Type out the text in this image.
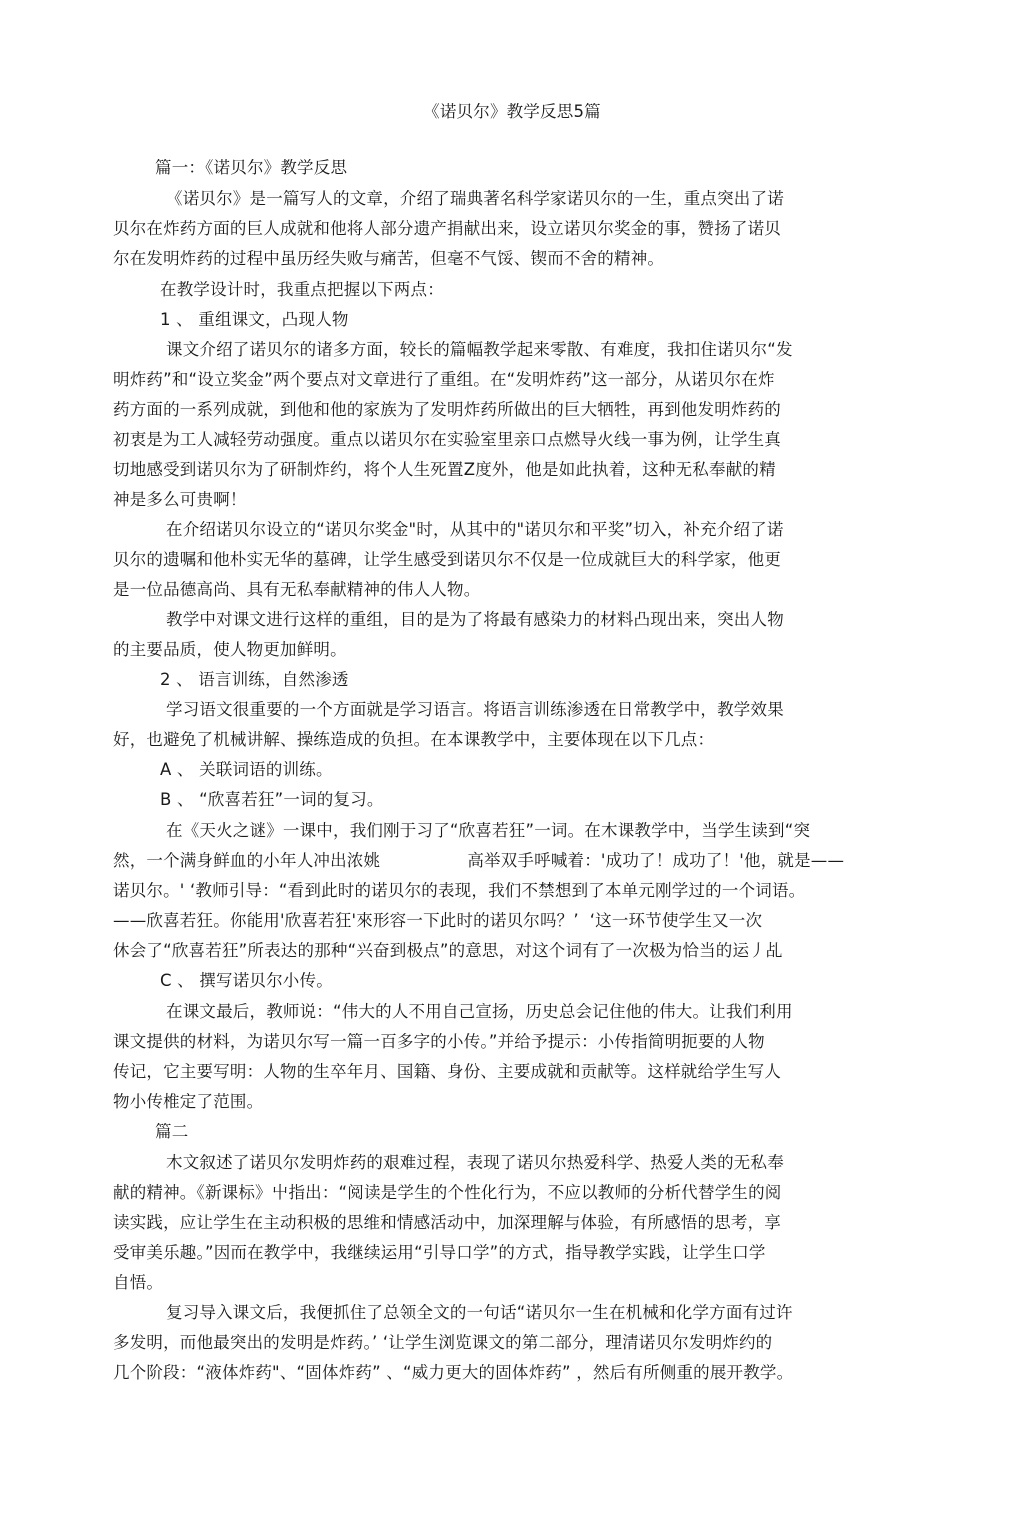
《诺贝尔》教学反思5篇
篇一：《诺贝尔》教学反思
《诺贝尔》是一篇写人的文章，介绍了瑞典著名科学家诺贝尔的一生，重点突出了诺
贝尔在炸药方面的巨人成就和他将人部分遗产捐献出来，设立诺贝尔奖金的事，赞扬了诺贝
尔在发明炸药的过程中虽历经失败与痛苦，但毫不气馁、锲而不舍的精神。
在教学设计时，我重点把握以下两点：
1 、 重组课文，凸现人物
课文介绍了诺贝尔的诸多方面，较长的篇幅教学起来零散、有难度，我扣住诺贝尔“发
明炸药”和“设立奖金”两个要点对文章进行了重组。在“发明炸药”这一部分，从诺贝尔在炸
药方面的一系列成就，到他和他的家族为了发明炸药所做出的巨大牺牲，再到他发明炸药的
初衷是为工人减轻劳动强度。重点以诺贝尔在实验室里亲口点燃导火线一事为例，让学生真
切地感受到诺贝尔为了研制炸约，将个人生死置Z度外，他是如此执着，这种无私奉献的精
神是多么可贵啊！
在介绍诺贝尔设立的“诺贝尔奖金"时，从其中的"诺贝尔和平奖”切入，补充介绍了诺
贝尔的遗嘱和他朴实无华的墓碑，让学生感受到诺贝尔不仅是一位成就巨大的科学家，他更
是一位品德高尚、具有无私奉献精神的伟人人物。
教学中对课文进行这样的重组，目的是为了将最有感染力的材料凸现出来，突出人物
的主要品质，使人物更加鲜明。
2 、 语言训练，自然渗透
学习语文很重要的一个方面就是学习语言。将语言训练渗透在日常教学中，教学效果
好，也避免了机械讲解、操练造成的负担。在本课教学中，主要体现在以下几点：
A 、 关联词语的训练。
B 、 “欣喜若狂”一词的复习。
在《天火之谜》一课中，我们刚于习了“欣喜若狂”一词。在木课教学中，当学生读到“突
然，一个满身鲜血的小年人冲出浓姚                高举双手呼喊着：'成功了！成功了！'他，就是——
诺贝尔。' ‘教师引导：“看到此时的诺贝尔的表现，我们不禁想到了本单元刚学过的一个词语。
——欣喜若狂。你能用'欣喜若狂'來形容一下此时的诺贝尔吗？’  ‘这一环节使学生又一次
休会了“欣喜若狂”所表达的那种“兴奋到极点”的意思，对这个词有了一次极为恰当的运丿乩
C 、 撰写诺贝尔小传。
在课文最后，教师说：“伟大的人不用自己宣扬，历史总会记住他的伟大。让我们利用
课文提供的材料，为诺贝尔写一篇一百多字的小传。”并给予提示：小传指简明扼要的人物
传记，它主要写明：人物的生卒年月、国籍、身份、主要成就和贡献等。这样就给学生写人
物小传椎定了范围。
篇二
木文叙述了诺贝尔发明炸药的艰难过程，表现了诺贝尔热爱科学、热爱人类的无私奉
献的精神。《新课标》屮指出：“阅读是学生的个性化行为，不应以教师的分析代替学生的阅
读实践，应让学生在主动积极的思维和情感活动中，加深理解与体验，有所感悟的思考，享
受审美乐趣。”因而在教学中，我继续运用“引导口学”的方式，指导教学实践，让学生口学
自悟。
复习导入课文后，我便抓住了总领全文的一句话“诺贝尔一生在机械和化学方面有过许
多发明，而他最突出的发明是炸药。’ ‘让学生浏览课文的第二部分，理清诺贝尔发明炸约的
几个阶段：“液体炸药"、“固体炸药” 、“威力更大的固体炸药” ，然后有所侧重的展开教学。
